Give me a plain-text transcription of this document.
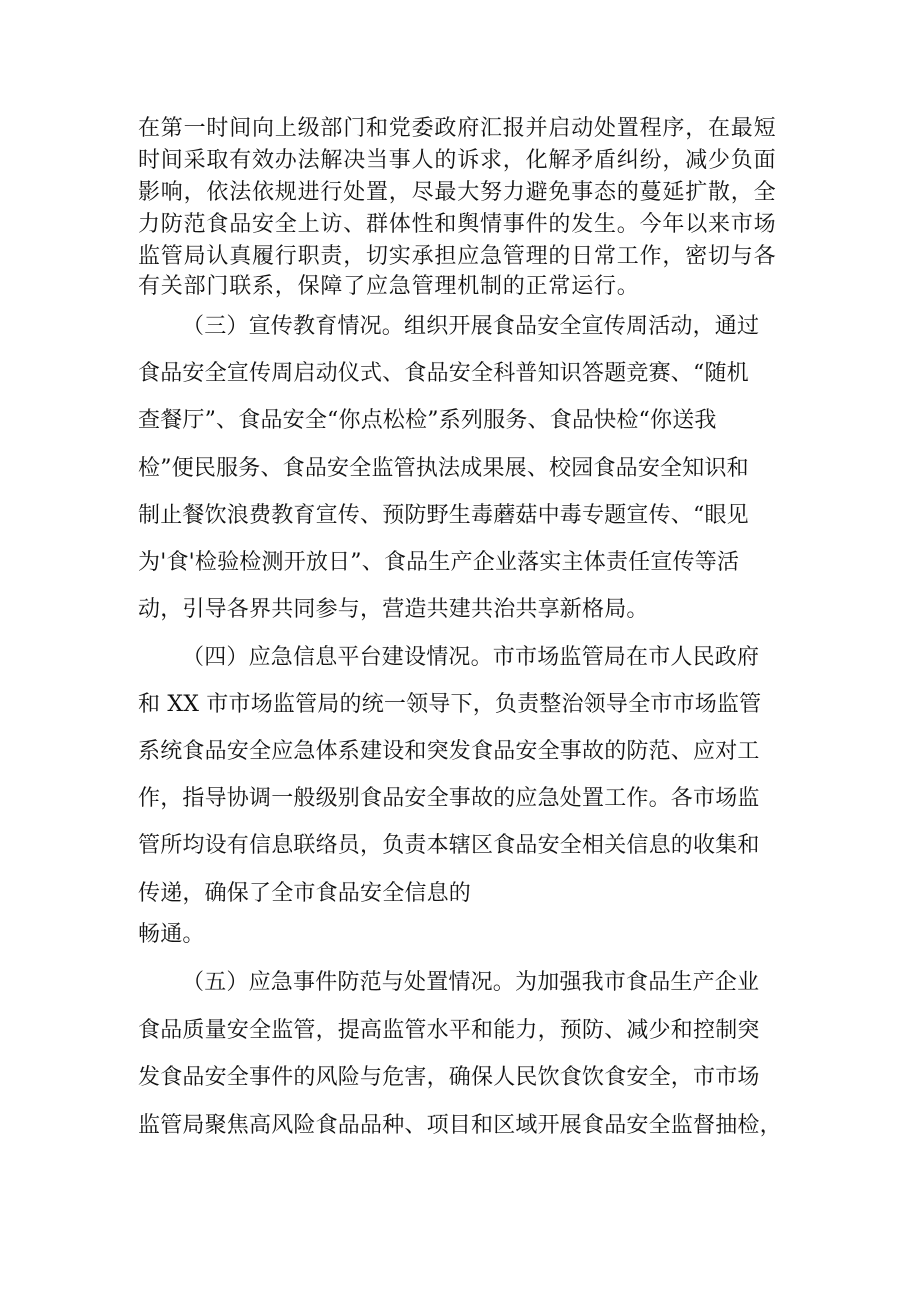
在第一时间向上级部门和党委政府汇报并启动处置程序，在最短
时间采取有效办法解决当事人的诉求，化解矛盾纠纷，减少负面
影响，依法依规进行处置，尽最大努力避免事态的蔓延扩散，全
力防范食品安全上访、群体性和舆情事件的发生。今年以来市场
监管局认真履行职责，切实承担应急管理的日常工作，密切与各
有关部门联系，保障了应急管理机制的正常运行。
（三）宣传教育情况。组织开展食品安全宣传周活动，通过
食品安全宣传周启动仪式、食品安全科普知识答题竞赛、“随机
查餐厅”、食品安全“你点松检”系列服务、食品快检“你送我
检”便民服务、食品安全监管执法成果展、校园食品安全知识和
制止餐饮浪费教育宣传、预防野生毒蘑菇中毒专题宣传、“眼见
为'食'检验检测开放日”、食品生产企业落实主体责任宣传等活
动，引导各界共同参与，营造共建共治共享新格局。
（四）应急信息平台建设情况。市市场监管局在市人民政府
和 XX 市市场监管局的统一领导下，负责整治领导全市市场监管
系统食品安全应急体系建设和突发食品安全事故的防范、应对工
作，指导协调一般级别食品安全事故的应急处置工作。各市场监
管所均设有信息联络员，负责本辖区食品安全相关信息的收集和
传递，确保了全市食品安全信息的
畅通。
（五）应急事件防范与处置情况。为加强我市食品生产企业
食品质量安全监管，提高监管水平和能力，预防、减少和控制突
发食品安全事件的风险与危害，确保人民饮食饮食安全，市市场
监管局聚焦高风险食品品种、项目和区域开展食品安全监督抽检，
